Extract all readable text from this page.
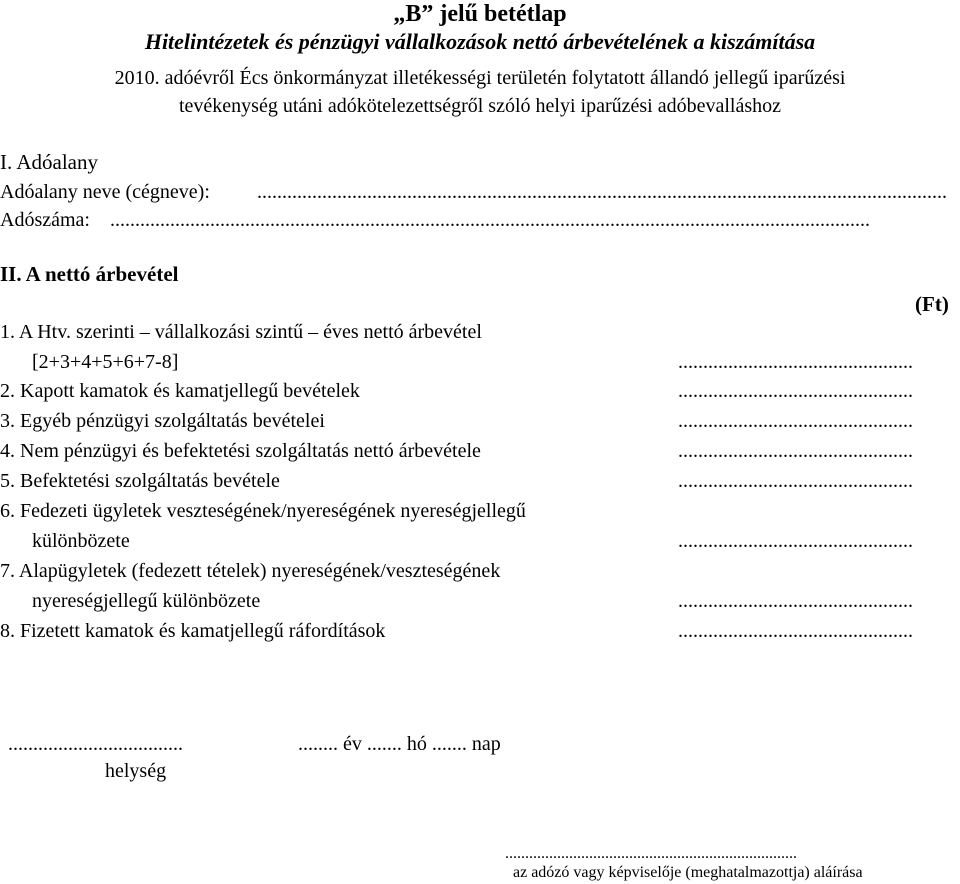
„B” jelű betétlap
Hitelintézetek és pénzügyi vállalkozások nettó árbevételének a kiszámítása
2010. adóévről Écs önkormányzat illetékességi területén folytatott állandó jellegű iparűzési
tevékenység utáni adókötelezettségről szóló helyi iparűzési adóbevalláshoz
I. Adóalany
Adóalany neve (cégneve): ..........................................................................................................................................
Adószáma: ........................................................................................................................................................
II. A nettó árbevétel
(Ft)
1. A Htv. szerinti – vállalkozási szintű – éves nettó árbevétel
[2+3+4+5+6+7-8]	...............................................
2. Kapott kamatok és kamatjellegű bevételek	...............................................
3. Egyéb pénzügyi szolgáltatás bevételei	...............................................
4. Nem pénzügyi és befektetési szolgáltatás nettó árbevétele	...............................................
5. Befektetési szolgáltatás bevétele	...............................................
6. Fedezeti ügyletek veszteségének/nyereségének nyereségjellegű
különbözete	...............................................
7. Alapügyletek (fedezett tételek) nyereségének/veszteségének
nyereségjellegű különbözete	...............................................
8. Fizetett kamatok és kamatjellegű ráfordítások	...............................................
...................................
helység
........ év ....... hó ....... nap
.........................................................................
az adózó vagy képviselője (meghatalmazottja) aláírása
